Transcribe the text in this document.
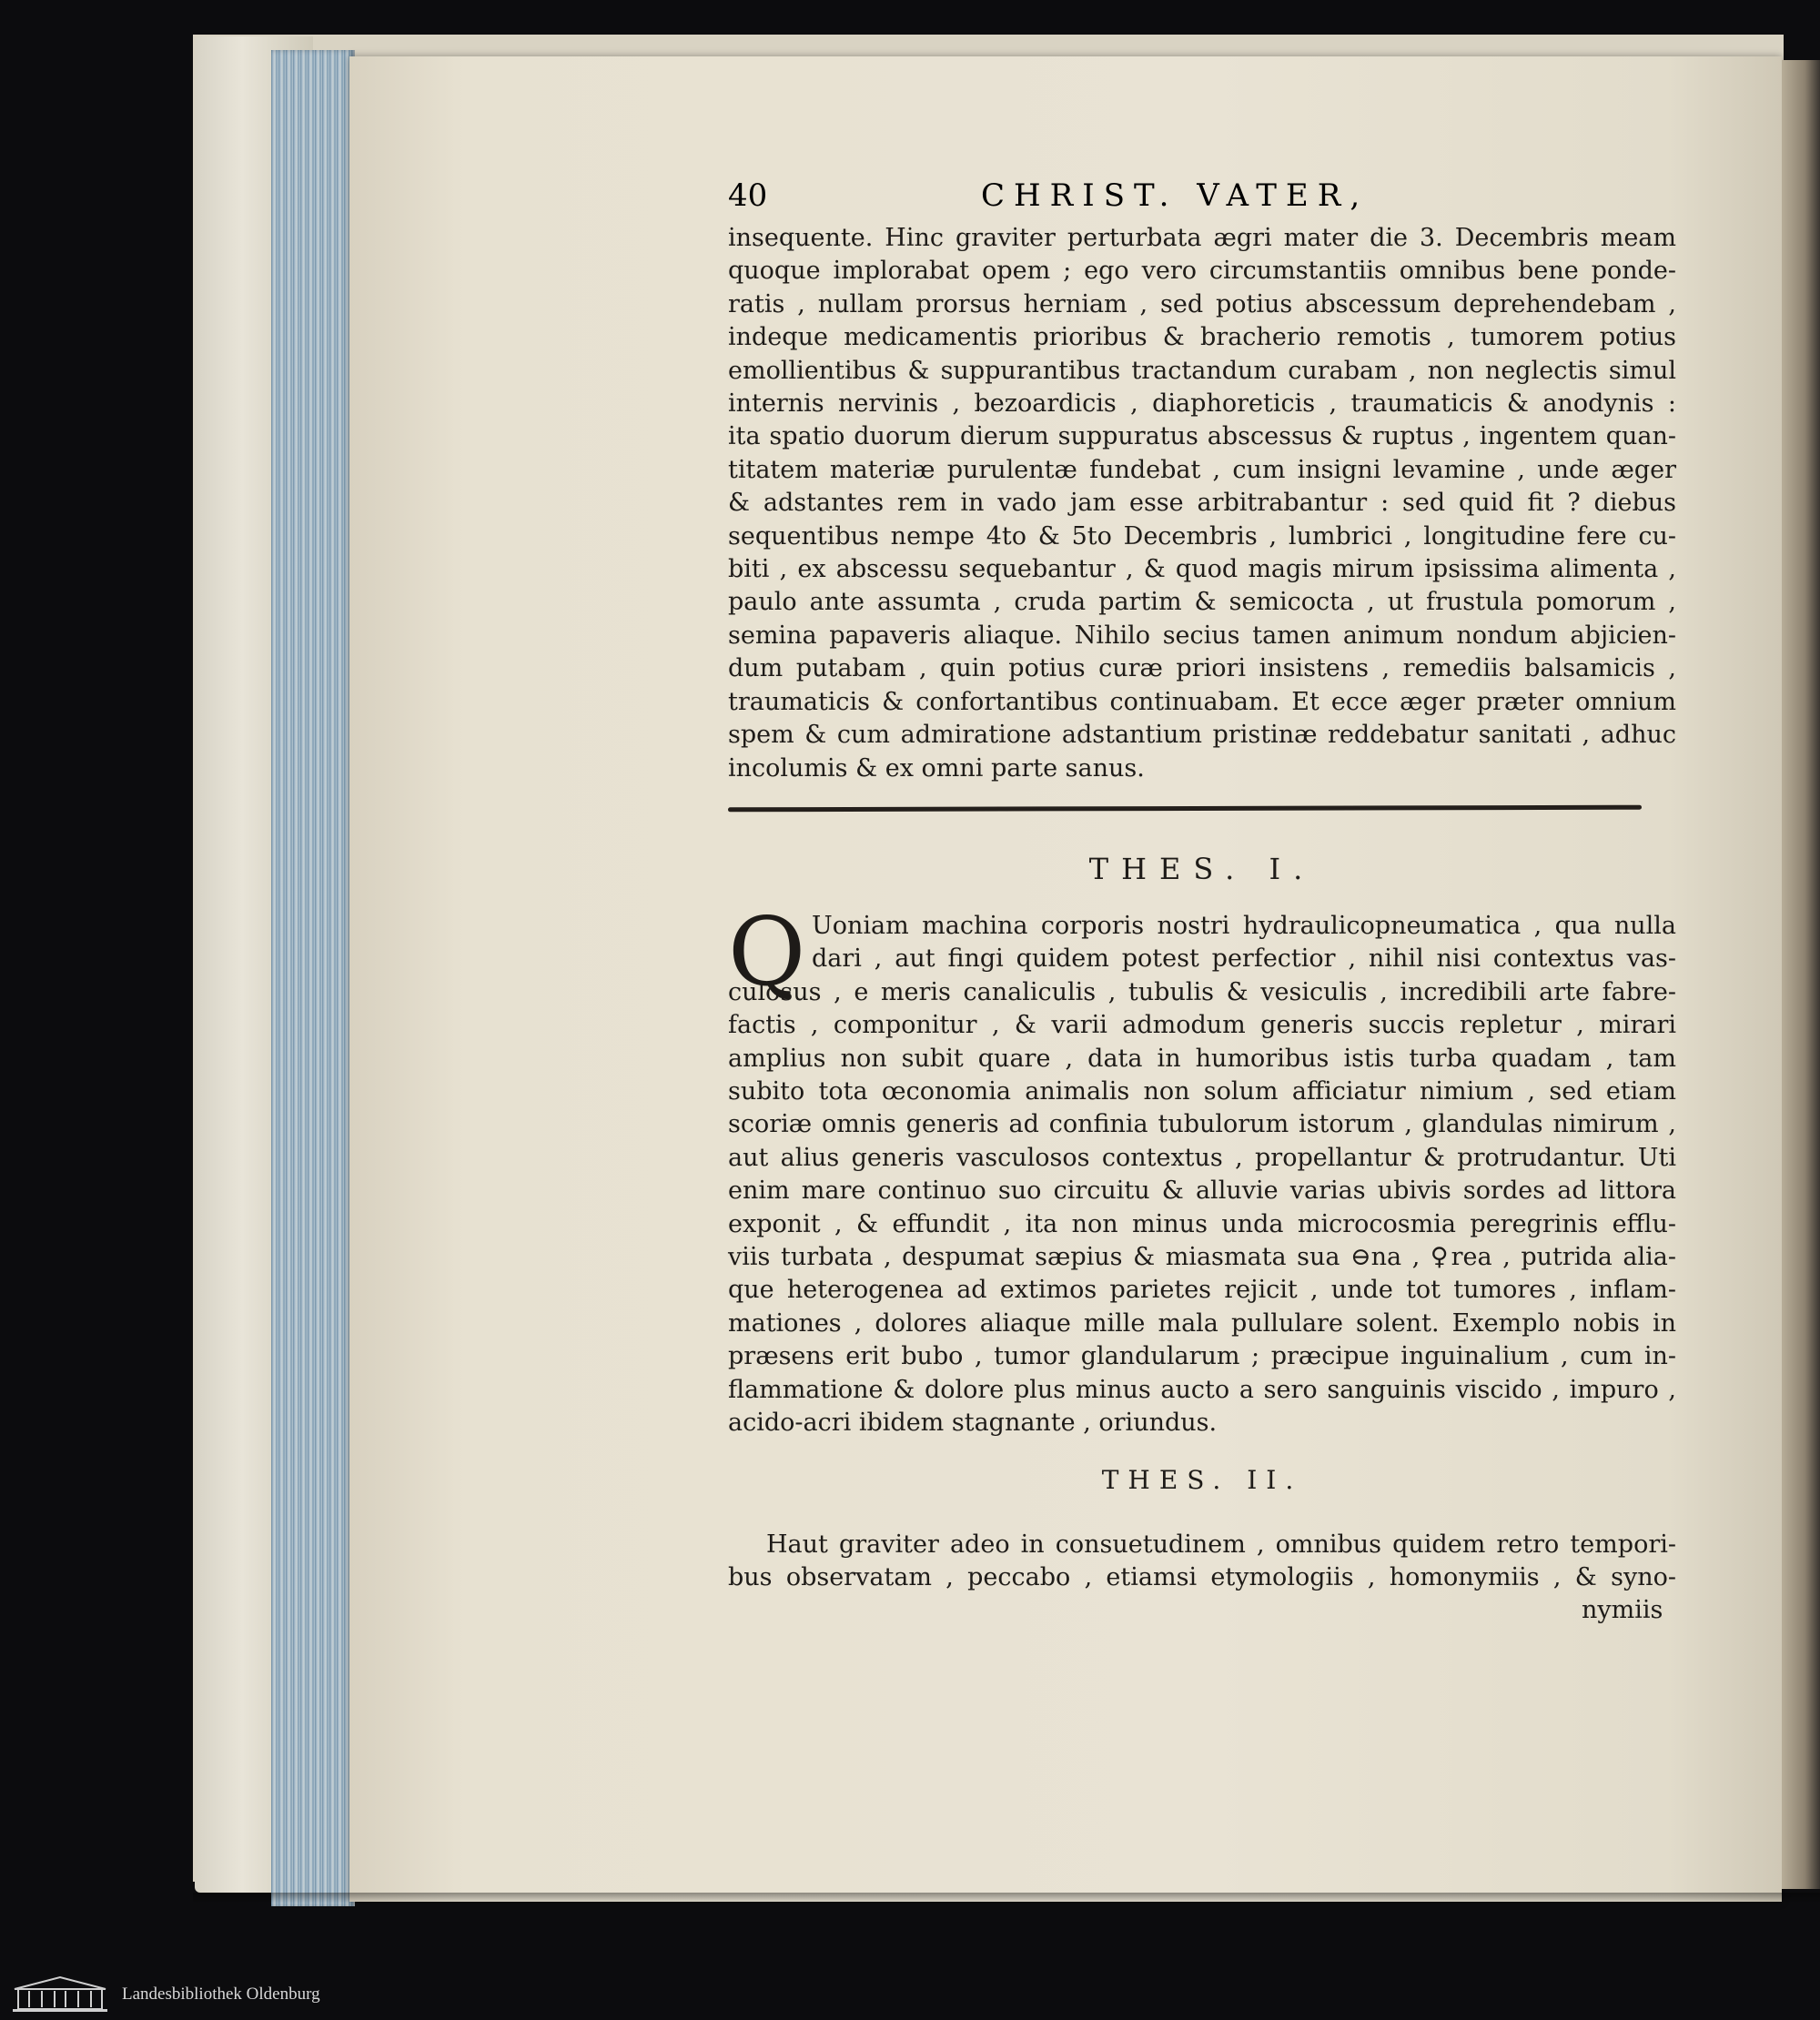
40	CHRIST. VATER,
insequente. Hinc graviter perturbata ægri mater die 3. Decembris meam
quoque implorabat opem ; ego vero circumstantiis omnibus bene ponde-
ratis , nullam prorsus herniam , sed potius abscessum deprehendebam ,
indeque medicamentis prioribus & bracherio remotis , tumorem potius
emollientibus & suppurantibus tractandum curabam , non neglectis simul
internis nervinis , bezoardicis , diaphoreticis , traumaticis & anodynis :
ita spatio duorum dierum suppuratus abscessus & ruptus , ingentem quan-
titatem materiæ purulentæ fundebat , cum insigni levamine , unde æger
& adstantes rem in vado jam esse arbitrabantur : sed quid fit ? diebus
sequentibus nempe 4to & 5to Decembris , lumbrici , longitudine fere cu-
biti , ex abscessu sequebantur , & quod magis mirum ipsissima alimenta ,
paulo ante assumta , cruda partim & semicocta , ut frustula pomorum ,
semina papaveris aliaque. Nihilo secius tamen animum nondum abjicien-
dum putabam , quin potius curæ priori insistens , remediis balsamicis ,
traumaticis & confortantibus continuabam. Et ecce æger præter omnium
spem & cum admiratione adstantium pristinæ reddebatur sanitati , adhuc
incolumis & ex omni parte sanus.
THES. I.
Q Uoniam machina corporis nostri hydraulicopneumatica , qua nulla
dari , aut fingi quidem potest perfectior , nihil nisi contextus vas-
culosus , e meris canaliculis , tubulis & vesiculis , incredibili arte fabre-
factis , componitur , & varii admodum generis succis repletur , mirari
amplius non subit quare , data in humoribus istis turba quadam , tam
subito tota œconomia animalis non solum afficiatur nimium , sed etiam
scoriæ omnis generis ad confinia tubulorum istorum , glandulas nimirum ,
aut alius generis vasculosos contextus , propellantur & protrudantur. Uti
enim mare continuo suo circuitu & alluvie varias ubivis sordes ad littora
exponit , & effundit , ita non minus unda microcosmia peregrinis efflu-
viis turbata , despumat sæpius & miasmata sua ⊖na , ♀rea , putrida alia-
que heterogenea ad extimos parietes rejicit , unde tot tumores , inflam-
mationes , dolores aliaque mille mala pullulare solent. Exemplo nobis in
præsens erit bubo , tumor glandularum ; præcipue inguinalium , cum in-
flammatione & dolore plus minus aucto a sero sanguinis viscido , impuro ,
acido-acri ibidem stagnante , oriundus.
THES. II.
Haut graviter adeo in consuetudinem , omnibus quidem retro tempori-
bus observatam , peccabo , etiamsi etymologiis , homonymiis , & syno-
nymiis
Landesbibliothek Oldenburg
